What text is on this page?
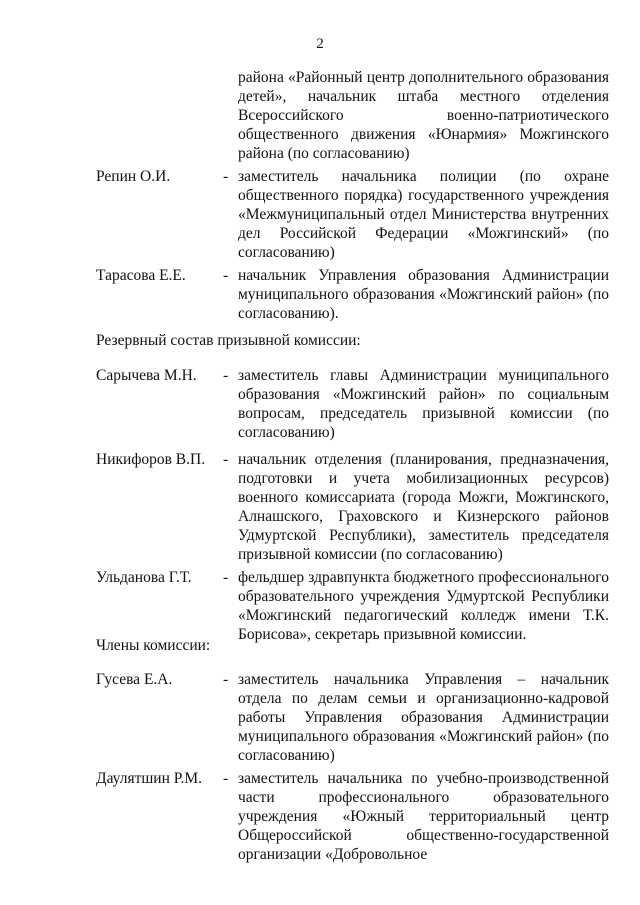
2

района «Районный центр дополнительного образования детей», начальник штаба местного отделения Всероссийского военно-патриотического общественного движения «Юнармия» Можгинского района (по согласованию)

Репин О.И.	- заместитель начальника полиции (по охране общественного порядка) государственного учреждения «Межмуниципальный отдел Министерства внутренних дел Российской Федерации «Можгинский» (по согласованию)

Тарасова Е.Е. - начальник Управления образования Администрации муниципального образования «Можгинский район» (по согласованию).

Резервный состав призывной комиссии:

Сарычева М.Н. - заместитель главы Администрации муниципального образования «Можгинский район» по социальным вопросам, председатель призывной комиссии (по согласованию)

Никифоров В.П. - начальник отделения (планирования, предназначения, подготовки и учета мобилизационных ресурсов) военного комиссариата (города Можги, Можгинского, Алнашского, Граховского и Кизнерского районов Удмуртской Республики), заместитель председателя призывной комиссии (по согласованию)

Ульданова Г.Т. - фельдшер здравпункта бюджетного профессионального образовательного учреждения Удмуртской Республики «Можгинский педагогический колледж имени Т.К. Борисова», секретарь призывной комиссии.

Члены комиссии:

Гусева Е.А.	- заместитель начальника Управления – начальник отдела по делам семьи и организационно-кадровой работы Управления образования Администрации муниципального образования «Можгинский район» (по согласованию)

Даулятшин Р.М. - заместитель начальника по учебно-производственной части профессионального образовательного учреждения «Южный территориальный центр Общероссийской общественно-государственной организации «Добровольное
